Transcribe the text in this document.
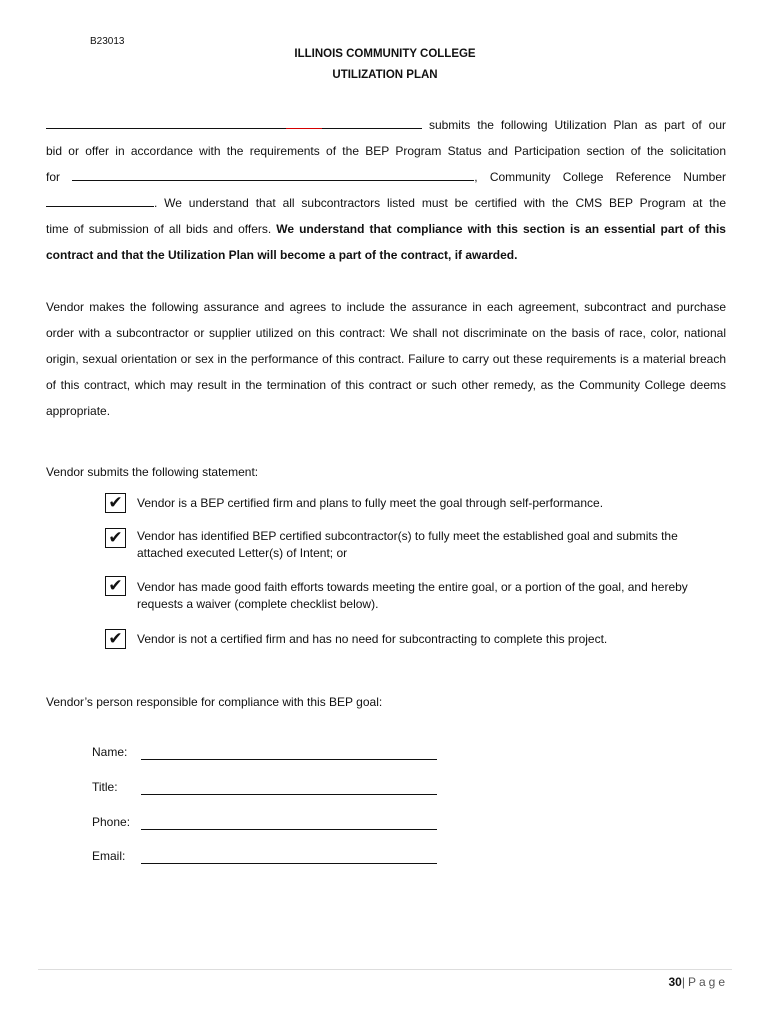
B23013
ILLINOIS COMMUNITY COLLEGE
UTILIZATION PLAN
submits the following Utilization Plan as part of our
bid or offer in accordance with the requirements of the BEP Program Status and Participation section of the solicitation
for	, Community College Reference Number
. We understand that all subcontractors listed must be certified with the CMS BEP Program at the
time of submission of all bids and offers. We understand that compliance with this section is an essential part of this
contract and that the Utilization Plan will become a part of the contract, if awarded.
Vendor makes the following assurance and agrees to include the assurance in each agreement, subcontract and purchase order with a subcontractor or supplier utilized on this contract: We shall not discriminate on the basis of race, color, national origin, sexual orientation or sex in the performance of this contract. Failure to carry out these requirements is a material breach of this contract, which may result in the termination of this contract or such other remedy, as the Community College deems appropriate.
Vendor submits the following statement:
✔ Vendor is a BEP certified firm and plans to fully meet the goal through self-performance.
✔ Vendor has identified BEP certified subcontractor(s) to fully meet the established goal and submits the attached executed Letter(s) of Intent; or
✔ Vendor has made good faith efforts towards meeting the entire goal, or a portion of the goal, and hereby requests a waiver (complete checklist below).
✔ Vendor is not a certified firm and has no need for subcontracting to complete this project.
Vendor’s person responsible for compliance with this BEP goal:
Name:
Title:
Phone:
Email:
30| Page
